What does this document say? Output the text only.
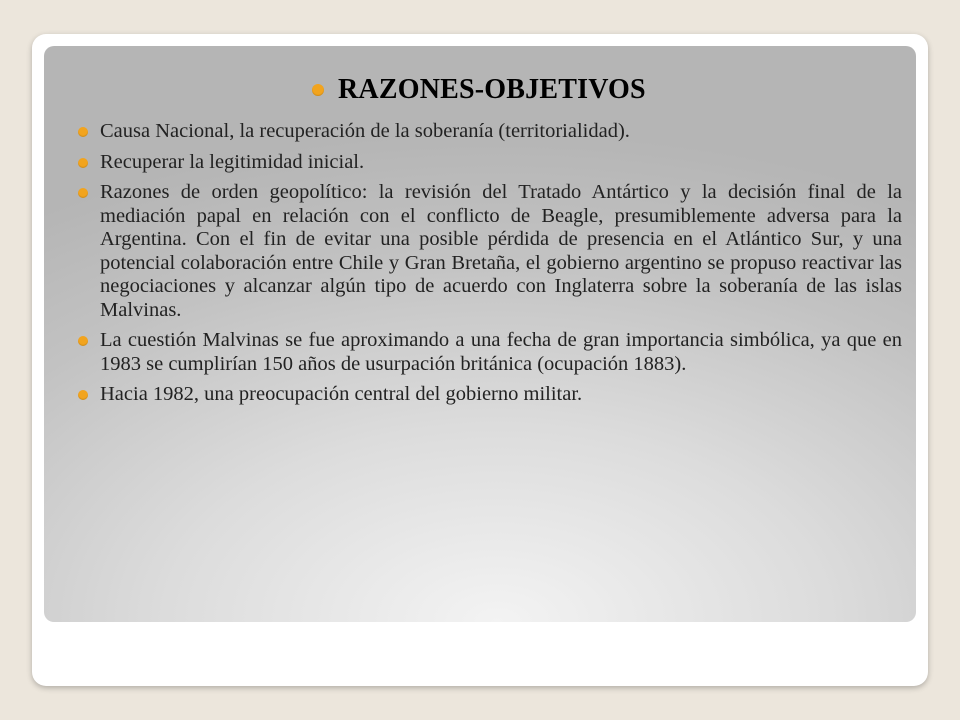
RAZONES-OBJETIVOS
Causa Nacional, la recuperación de la soberanía (territorialidad).
Recuperar la legitimidad inicial.
Razones de orden geopolítico: la revisión del Tratado Antártico y la decisión final de la mediación papal en relación con el conflicto de Beagle, presumiblemente adversa para la Argentina. Con el fin de evitar una posible pérdida de presencia en el Atlántico Sur, y una potencial colaboración entre Chile y Gran Bretaña, el gobierno argentino se propuso reactivar las negociaciones y alcanzar algún tipo de acuerdo con Inglaterra sobre la soberanía de las islas Malvinas.
La cuestión Malvinas se fue aproximando a una fecha de gran importancia simbólica, ya que en 1983 se cumplirían 150 años de usurpación británica (ocupación 1883).
Hacia 1982, una preocupación central del gobierno militar.
